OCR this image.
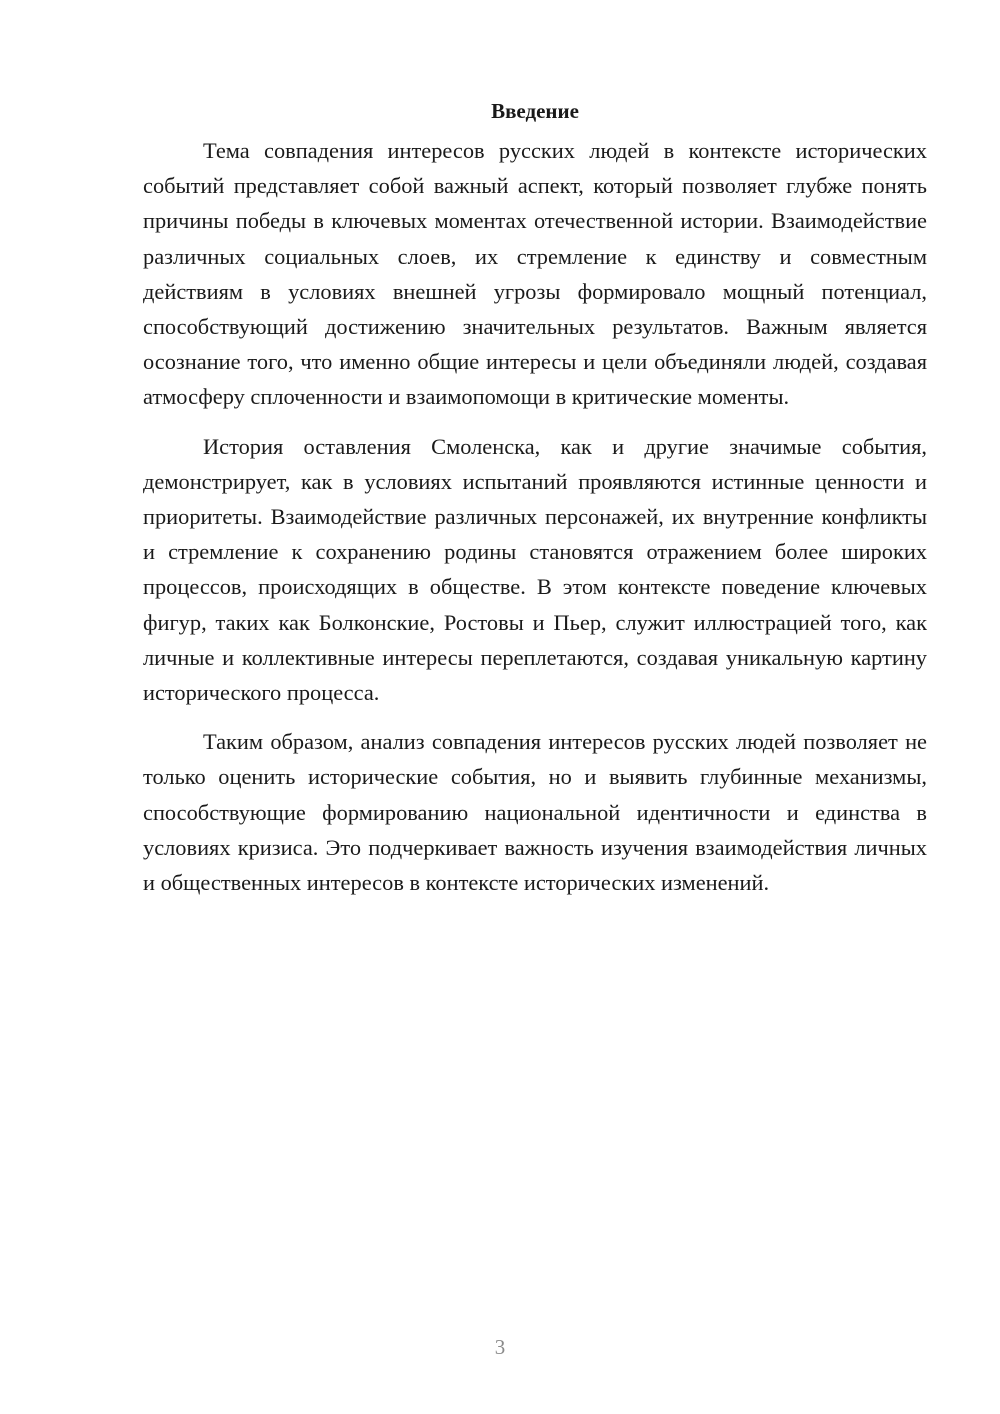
Введение

Тема совпадения интересов русских людей в контексте исторических событий представляет собой важный аспект, который позволяет глубже понять причины победы в ключевых моментах отечественной истории. Взаимодействие различных социальных слоев, их стремление к единству и совместным действиям в условиях внешней угрозы формировало мощный потенциал, способствующий достижению значительных результатов. Важным является осознание того, что именно общие интересы и цели объединяли людей, создавая атмосферу сплоченности и взаимопомощи в критические моменты.

История оставления Смоленска, как и другие значимые события, демонстрирует, как в условиях испытаний проявляются истинные ценности и приоритеты. Взаимодействие различных персонажей, их внутренние конфликты и стремление к сохранению родины становятся отражением более широких процессов, происходящих в обществе. В этом контексте поведение ключевых фигур, таких как Болконские, Ростовы и Пьер, служит иллюстрацией того, как личные и коллективные интересы переплетаются, создавая уникальную картину исторического процесса.

Таким образом, анализ совпадения интересов русских людей позволяет не только оценить исторические события, но и выявить глубинные механизмы, способствующие формированию национальной идентичности и единства в условиях кризиса. Это подчеркивает важность изучения взаимодействия личных и общественных интересов в контексте исторических изменений.

3
